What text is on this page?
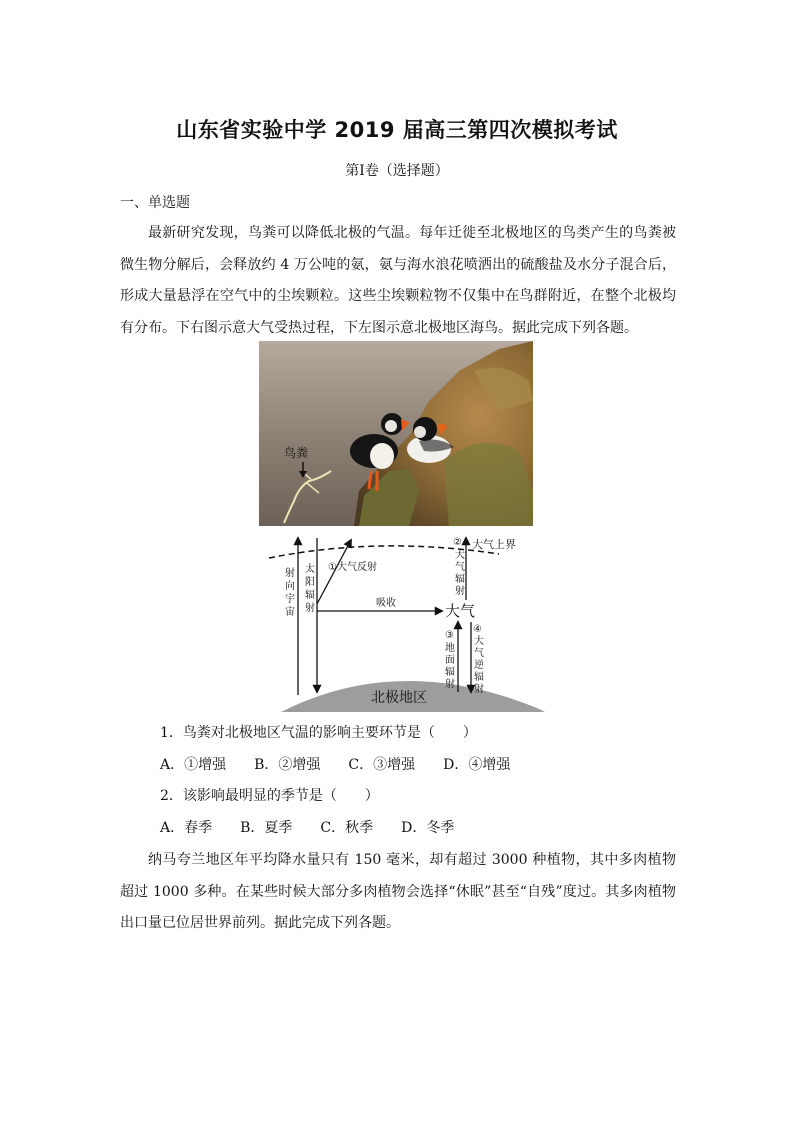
山东省实验中学 2019 届高三第四次模拟考试
第Ⅰ卷（选择题）
一、单选题
最新研究发现，鸟粪可以降低北极的气温。每年迁徙至北极地区的鸟类产生的鸟粪被微生物分解后，会释放约 4 万公吨的氨，氨与海水浪花喷洒出的硫酸盐及水分子混合后，形成大量悬浮在空气中的尘埃颗粒。这些尘埃颗粒物不仅集中在鸟群附近，在整个北极均有分布。下右图示意大气受热过程，下左图示意北极地区海鸟。据此完成下列各题。
鸟粪
北极地区
大气上界
射 向 宇 宙
太 阳 辐 射
①大气反射
吸收	大气
②
大 气 辐 射
③
地 面 辐 射
④
大 气 逆 辐 射
1．鸟粪对北极地区气温的影响主要环节是（　　）
A．①增强　　B．②增强　　C．③增强　　D．④增强
2．该影响最明显的季节是（　　）
A．春季　　B．夏季　　C．秋季　　D．冬季
纳马夸兰地区年平均降水量只有 150 毫米，却有超过 3000 种植物，其中多肉植物超过 1000 多种。在某些时候大部分多肉植物会选择“休眠”甚至“自残”度过。其多肉植物出口量已位居世界前列。据此完成下列各题。
